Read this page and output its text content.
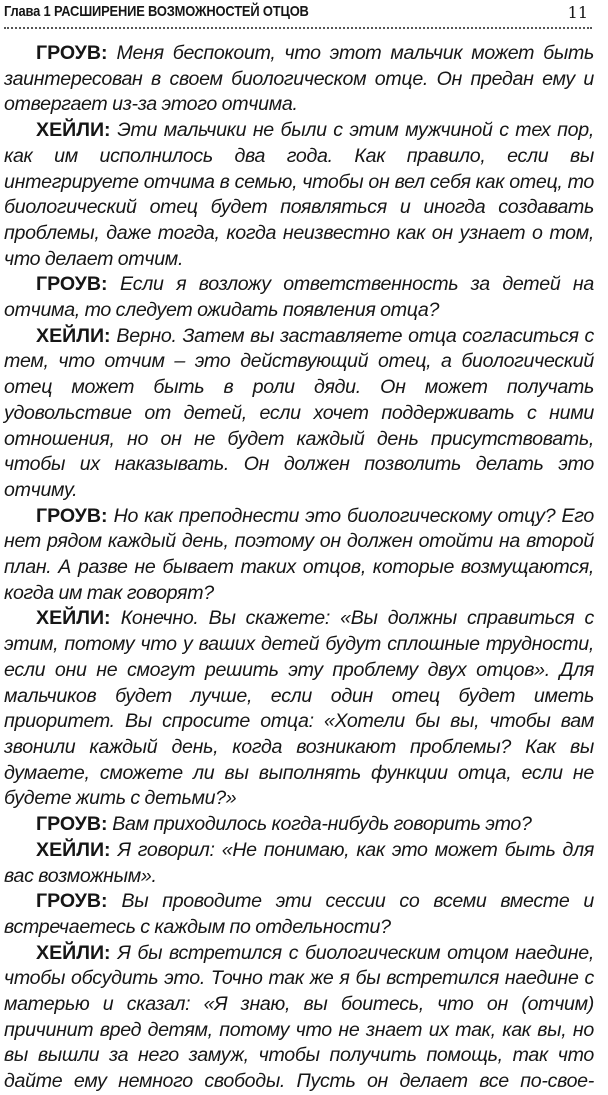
Глава 1 РАСШИРЕНИЕ ВОЗМОЖНОСТЕЙ ОТЦОВ	11

ГРОУВ: Меня беспокоит, что этот мальчик может быть заинтересован в своем биологическом отце. Он предан ему и отвергает из-за этого отчима.

ХЕЙЛИ: Эти мальчики не были с этим мужчиной с тех пор, как им исполнилось два года. Как правило, если вы интегрируете отчима в семью, чтобы он вел себя как отец, то биологический отец будет появляться и иногда создавать проблемы, даже тогда, когда неизвестно как он узнает о том, что делает отчим.

ГРОУВ: Если я возложу ответственность за детей на отчима, то следует ожидать появления отца?

ХЕЙЛИ: Верно. Затем вы заставляете отца согласиться с тем, что отчим – это действующий отец, а биологический отец может быть в роли дяди. Он может получать удовольствие от детей, если хочет поддерживать с ними отношения, но он не будет каждый день присутствовать, чтобы их наказывать. Он должен позволить делать это отчиму.

ГРОУВ: Но как преподнести это биологическому отцу? Его нет рядом каждый день, поэтому он должен отойти на второй план. А разве не бывает таких отцов, которые возмущаются, когда им так говорят?

ХЕЙЛИ: Конечно. Вы скажете: «Вы должны справиться с этим, потому что у ваших детей будут сплошные трудности, если они не смогут решить эту проблему двух отцов». Для мальчиков будет лучше, если один отец будет иметь приоритет. Вы спросите отца: «Хотели бы вы, чтобы вам звонили каждый день, когда возникают проблемы? Как вы думаете, сможете ли вы выполнять функции отца, если не будете жить с детьми?»

ГРОУВ: Вам приходилось когда-нибудь говорить это?

ХЕЙЛИ: Я говорил: «Не понимаю, как это может быть для вас возможным».

ГРОУВ: Вы проводите эти сессии со всеми вместе и встречаетесь с каждым по отдельности?

ХЕЙЛИ: Я бы встретился с биологическим отцом наедине, чтобы обсудить это. Точно так же я бы встретился наедине с матерью и сказал: «Я знаю, вы боитесь, что он (отчим) причинит вред детям, потому что не знает их так, как вы, но вы вышли за него замуж, чтобы получить помощь, так что дайте ему немного свободы. Пусть он делает все по-свое-
